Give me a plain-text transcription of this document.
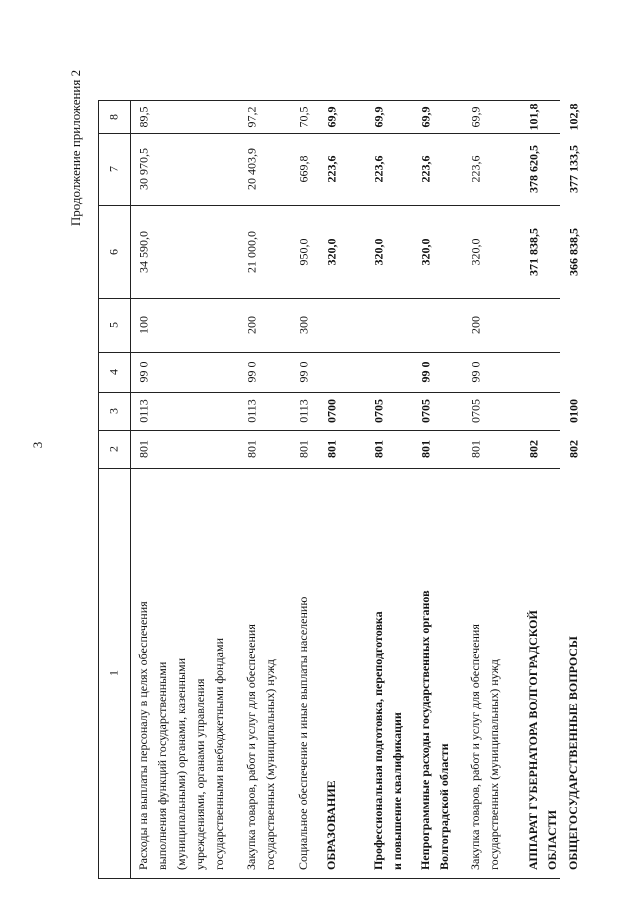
3
Продолжение приложения 2
1
2
3
4
5
6
7
8
Расходы на выплаты персоналу в целях обеспечения выполнения функций государственными (муниципальными) органами, казенными учреждениями, органами управления государственными внебюджетными фондами
801
0113
99 0
100
34 590,0
30 970,5
89,5
Закупка товаров, работ и услуг для обеспечения государственных (муниципальных) нужд
801
0113
99 0
200
21 000,0
20 403,9
97,2
Социальное обеспечение и иные выплаты населению
801
0113
99 0
300
950,0
669,8
70,5
ОБРАЗОВАНИЕ
801
0700
320,0
223,6
69,9
Профессиональная подготовка, переподготовка и повышение квалификации
801
0705
320,0
223,6
69,9
Непрограммные расходы государственных органов Волгоградской области
801
0705
99 0
320,0
223,6
69,9
Закупка товаров, работ и услуг для обеспечения государственных (муниципальных) нужд
801
0705
99 0
200
320,0
223,6
69,9
АППАРАТ ГУБЕРНАТОРА ВОЛГОГРАДСКОЙ ОБЛАСТИ
802
371 838,5
378 620,5
101,8
ОБЩЕГОСУДАРСТВЕННЫЕ ВОПРОСЫ
802
0100
366 838,5
377 133,5
102,8
